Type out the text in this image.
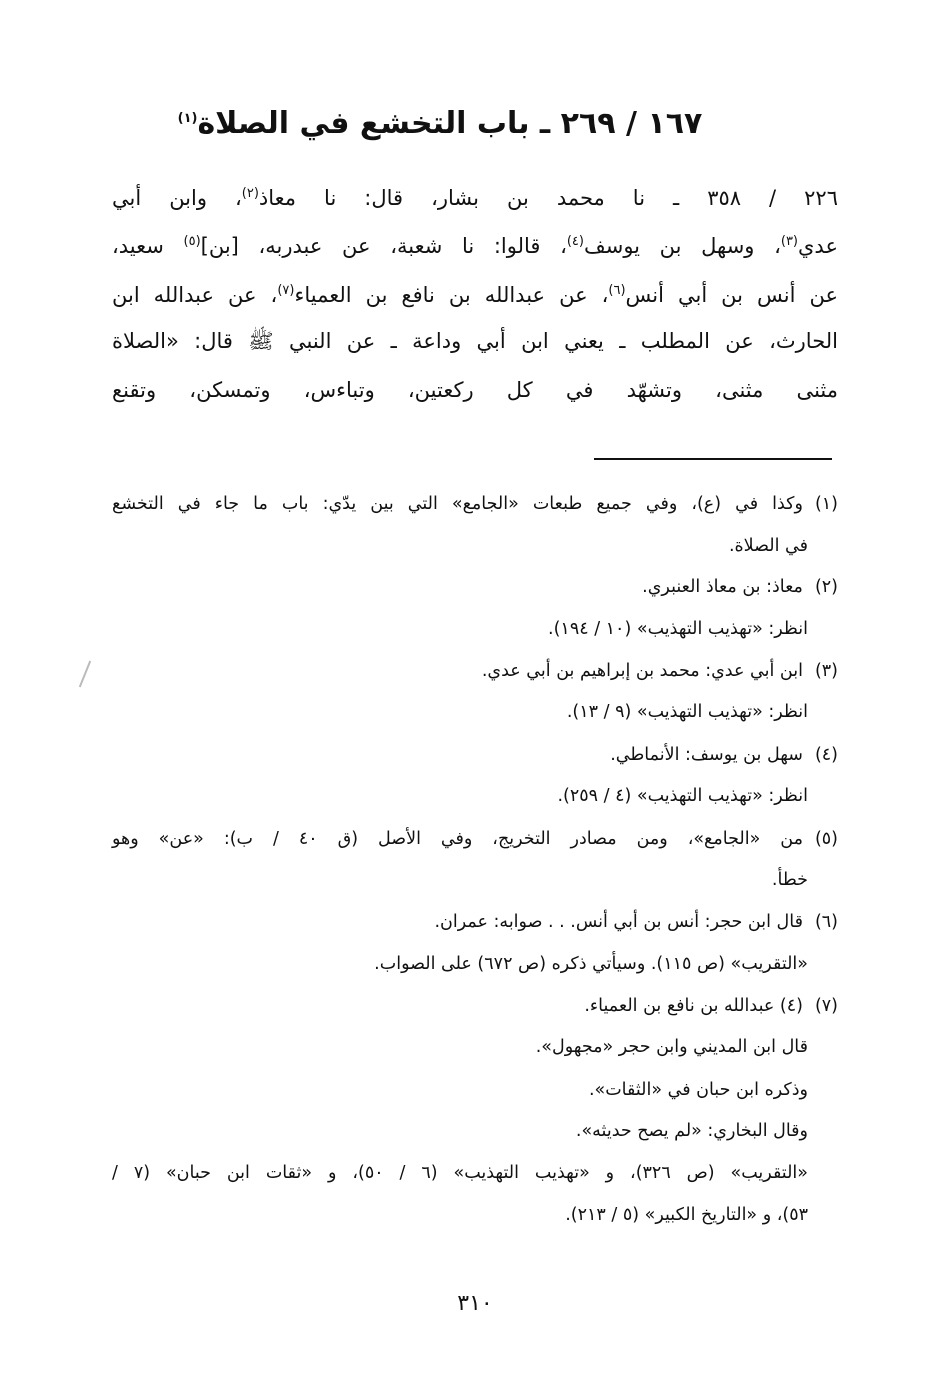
١٦٧ / ٢٦٩ ـ باب التخشع في الصلاة$^{(١)}$
٢٢٦ / ٣٥٨ ـ نا محمد بن بشار، قال: نا معاذ$^{(٢)}$، وابن أبي
عدي$^{(٣)}$، وسهل بن يوسف$^{(٤)}$، قالوا: نا شعبة، عن عبدربه، [بن]$^{(٥)}$ سعيد،
عن أنس بن أبي أنس$^{(٦)}$، عن عبدالله بن نافع بن العمياء$^{(٧)}$، عن عبدالله ابن
الحارث، عن المطلب ـ يعني ابن أبي وداعة ـ عن النبي ﷺ قال: «الصلاة
مثنى مثنى، وتشهّد في كل ركعتين، وتباءس، وتمسكن، وتقنع
(١)وكذا في (ع)، وفي جميع طبعات «الجامع» التي بين يدّي: باب ما جاء في التخشع
في الصلاة.
(٢)معاذ: بن معاذ العنبري.
انظر: «تهذيب التهذيب» (١٠ / ١٩٤).
(٣)ابن أبي عدي: محمد بن إبراهيم بن أبي عدي.
انظر: «تهذيب التهذيب» (٩ / ١٣).
(٤)سهل بن يوسف: الأنماطي.
انظر: «تهذيب التهذيب» (٤ / ٢٥٩).
(٥)من «الجامع»، ومن مصادر التخريج، وفي الأصل (ق ٤٠ / ب): «عن» وهو
خطأ.
(٦)قال ابن حجر: أنس بن أبي أنس. . . صوابه: عمران.
«التقريب» (ص ١١٥). وسيأتي ذكره (ص ٦٧٢) على الصواب.
(٧)(٤) عبدالله بن نافع بن العمياء.
قال ابن المديني وابن حجر «مجهول».
وذكره ابن حبان في «الثقات».
وقال البخاري: «لم يصح حديثه».
«التقريب» (ص ٣٢٦)، و «تهذيب التهذيب» (٦ / ٥٠)، و «ثقات ابن حبان» (٧ /
٥٣)، و «التاريخ الكبير» (٥ / ٢١٣).
٣١٠
